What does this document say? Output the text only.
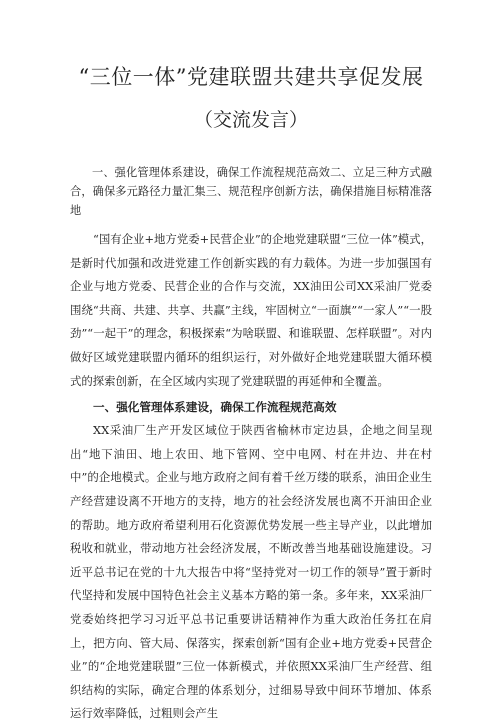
“三位一体”党建联盟共建共享促发展
（交流发言）

一、强化管理体系建设，确保工作流程规范高效二、立足三种方式融合，确保多元路径力量汇集三、规范程序创新方法，确保措施目标精准落地

“国有企业+地方党委+民营企业”的企地党建联盟“三位一体”模式，是新时代加强和改进党建工作创新实践的有力载体。为进一步加强国有企业与地方党委、民营企业的合作与交流，XX油田公司XX采油厂党委围绕“共商、共建、共享、共赢”主线，牢固树立“一面旗”“一家人”“一股劲”“一起干”的理念，积极探索“为啥联盟、和谁联盟、怎样联盟”。对内做好区域党建联盟内循环的组织运行，对外做好企地党建联盟大循环模式的探索创新，在全区域内实现了党建联盟的再延伸和全覆盖。

一、强化管理体系建设，确保工作流程规范高效

XX采油厂生产开发区域位于陕西省榆林市定边县，企地之间呈现出“地下油田、地上农田、地下管网、空中电网、村在井边、井在村中”的企地模式。企业与地方政府之间有着千丝万缕的联系，油田企业生产经营建设离不开地方的支持，地方的社会经济发展也离不开油田企业的帮助。地方政府希望利用石化资源优势发展一些主导产业，以此增加税收和就业，带动地方社会经济发展，不断改善当地基础设施建设。习近平总书记在党的十九大报告中将“坚持党对一切工作的领导”置于新时代坚持和发展中国特色社会主义基本方略的第一条。多年来，XX采油厂党委始终把学习习近平总书记重要讲话精神作为重大政治任务扛在肩上，把方向、管大局、保落实，探索创新“国有企业+地方党委+民营企业”的“企地党建联盟”三位一体新模式，并依照XX采油厂生产经营、组织结构的实际，确定合理的体系划分，过细易导致中间环节增加、体系运行效率降低，过粗则会产生
